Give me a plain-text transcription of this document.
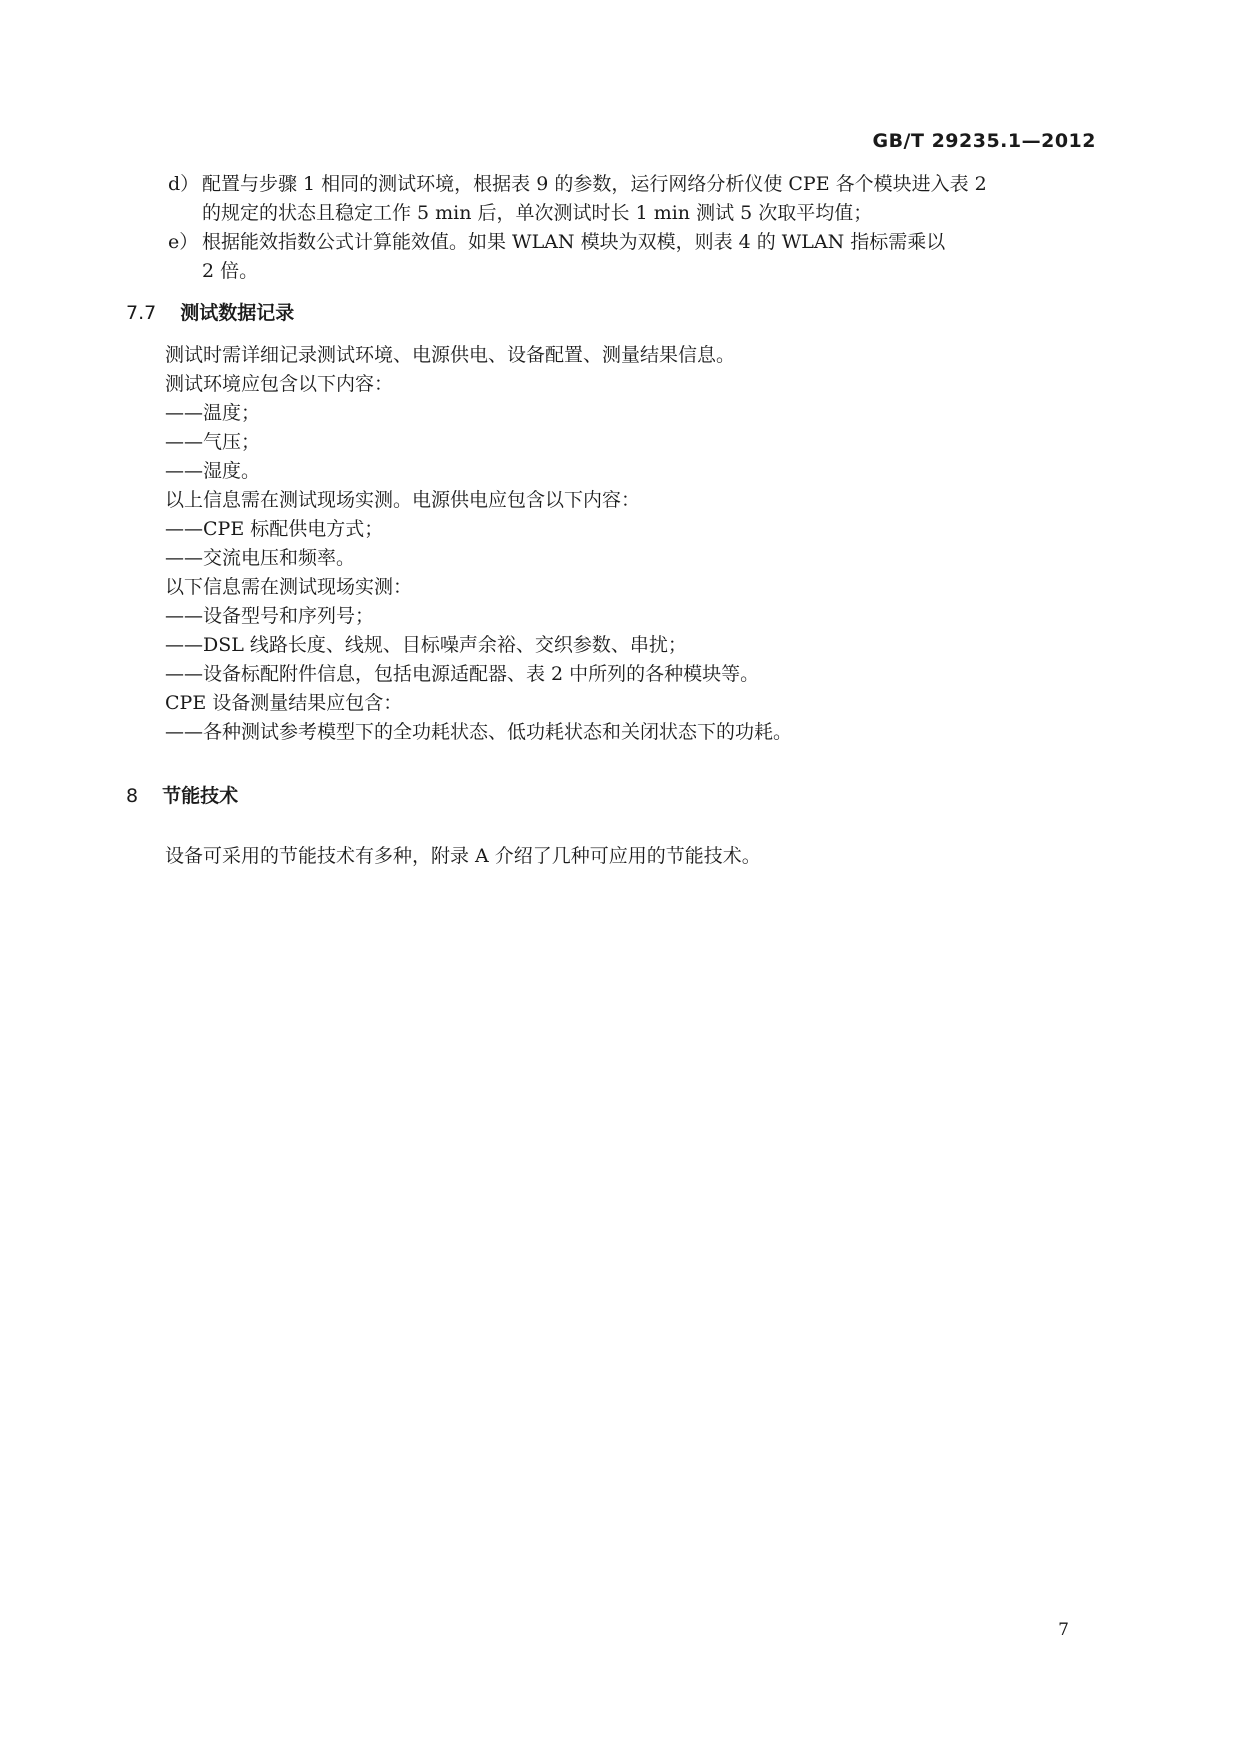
GB/T 29235.1—2012
d） 配置与步骤 1 相同的测试环境，根据表 9 的参数，运行网络分析仪使 CPE 各个模块进入表 2
的规定的状态且稳定工作 5 min 后，单次测试时长 1 min 测试 5 次取平均值；
e） 根据能效指数公式计算能效值。如果 WLAN 模块为双模，则表 4 的 WLAN 指标需乘以
2 倍。
7.7 测试数据记录
测试时需详细记录测试环境、电源供电、设备配置、测量结果信息。
测试环境应包含以下内容：
——温度；
——气压；
——湿度。
以上信息需在测试现场实测。电源供电应包含以下内容：
——CPE 标配供电方式；
——交流电压和频率。
以下信息需在测试现场实测：
——设备型号和序列号；
——DSL 线路长度、线规、目标噪声余裕、交织参数、串扰；
——设备标配附件信息，包括电源适配器、表 2 中所列的各种模块等。
CPE 设备测量结果应包含：
——各种测试参考模型下的全功耗状态、低功耗状态和关闭状态下的功耗。
8 节能技术
设备可采用的节能技术有多种，附录 A 介绍了几种可应用的节能技术。
7
